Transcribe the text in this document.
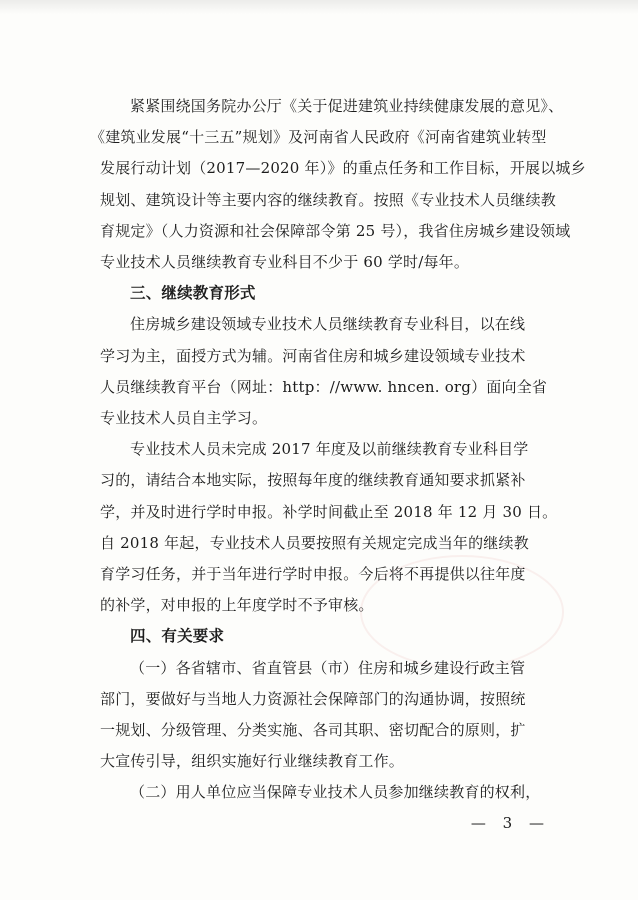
紧紧围绕国务院办公厅《关于促进建筑业持续健康发展的意见》、
《建筑业发展“十三五”规划》及河南省人民政府《河南省建筑业转型
发展行动计划（2017—2020 年）》的重点任务和工作目标，开展以城乡
规划、建筑设计等主要内容的继续教育。按照《专业技术人员继续教
育规定》（人力资源和社会保障部令第 25 号），我省住房城乡建设领域
专业技术人员继续教育专业科目不少于 60 学时/每年。
三、继续教育形式
住房城乡建设领域专业技术人员继续教育专业科目，以在线
学习为主，面授方式为辅。河南省住房和城乡建设领域专业技术
人员继续教育平台（网址：http：//www. hncen. org）面向全省
专业技术人员自主学习。
专业技术人员未完成 2017 年度及以前继续教育专业科目学
习的，请结合本地实际，按照每年度的继续教育通知要求抓紧补
学，并及时进行学时申报。补学时间截止至 2018 年 12 月 30 日。
自 2018 年起，专业技术人员要按照有关规定完成当年的继续教
育学习任务，并于当年进行学时申报。今后将不再提供以往年度
的补学，对申报的上年度学时不予审核。
四、有关要求
（一）各省辖市、省直管县（市）住房和城乡建设行政主管
部门，要做好与当地人力资源社会保障部门的沟通协调，按照统
一规划、分级管理、分类实施、各司其职、密切配合的原则，扩
大宣传引导，组织实施好行业继续教育工作。
（二）用人单位应当保障专业技术人员参加继续教育的权利，
— 3 —
